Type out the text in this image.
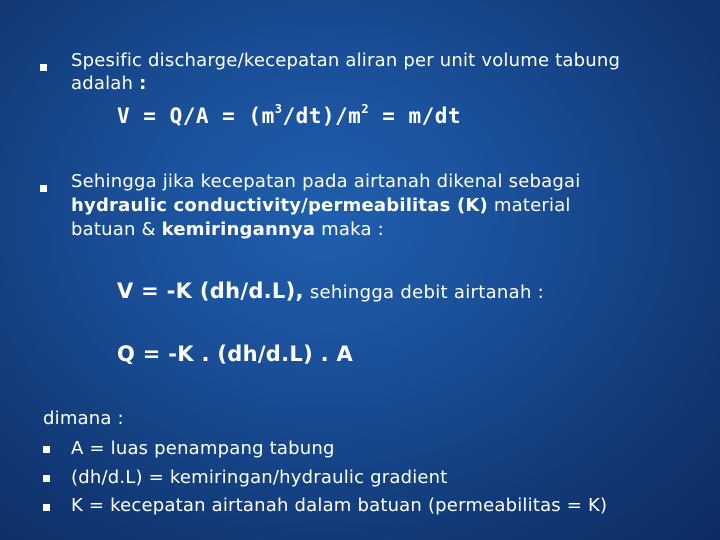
Spesific discharge/kecepatan aliran per unit volume tabung
adalah :
$V = Q/A = (m^3/dt)/m^2 = m/dt$
Sehingga jika kecepatan pada airtanah dikenal sebagai
hydraulic conductivity/permeabilitas (K) material
batuan & kemiringannya maka :
V = -K (dh/d.L), sehingga debit airtanah :
Q = -K . (dh/d.L) . A
dimana :
A = luas penampang tabung
(dh/d.L) = kemiringan/hydraulic gradient
K = kecepatan airtanah dalam batuan (permeabilitas = K)
